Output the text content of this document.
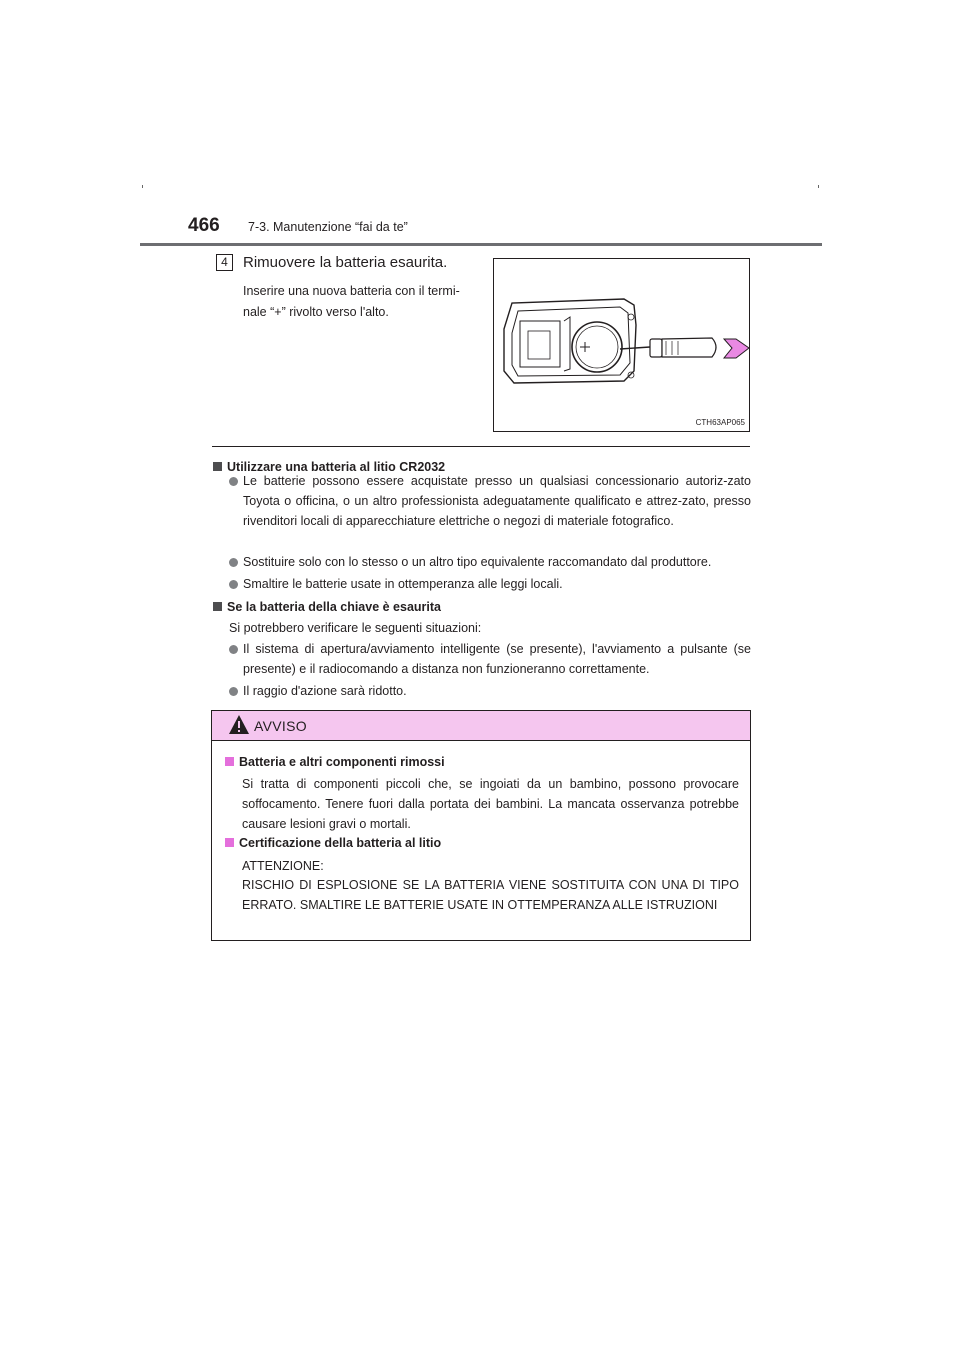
466 7-3. Manutenzione “fai da te”
4	Rimuovere la batteria esaurita.
Inserire una nuova batteria con il termi-nale “+” rivolto verso l'alto.
CTH63AP065
Utilizzare una batteria al litio CR2032
Le batterie possono essere acquistate presso un qualsiasi concessionario autoriz-zato Toyota o officina, o un altro professionista adeguatamente qualificato e attrez-zato, presso rivenditori locali di apparecchiature elettriche o negozi di materiale fotografico.
Sostituire solo con lo stesso o un altro tipo equivalente raccomandato dal produttore.
Smaltire le batterie usate in ottemperanza alle leggi locali.
Se la batteria della chiave è esaurita
Si potrebbero verificare le seguenti situazioni:
Il sistema di apertura/avviamento intelligente (se presente), l'avviamento a pulsante (se presente) e il radiocomando a distanza non funzioneranno correttamente.
Il raggio d'azione sarà ridotto.
AVVISO
Batteria e altri componenti rimossi
Si tratta di componenti piccoli che, se ingoiati da un bambino, possono provocare soffocamento. Tenere fuori dalla portata dei bambini. La mancata osservanza potrebbe causare lesioni gravi o mortali.
Certificazione della batteria al litio
ATTENZIONE:
RISCHIO DI ESPLOSIONE SE LA BATTERIA VIENE SOSTITUITA CON UNA DI TIPO ERRATO. SMALTIRE LE BATTERIE USATE IN OTTEMPERANZA ALLE ISTRUZIONI
